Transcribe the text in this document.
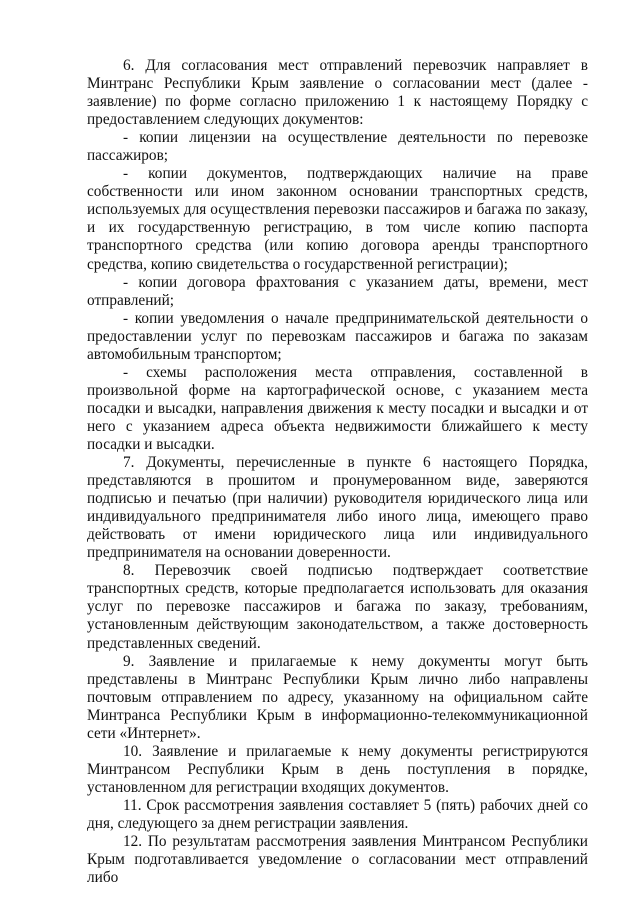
6. Для согласования мест отправлений перевозчик направляет в Минтранс Республики Крым заявление о согласовании мест (далее - заявление) по форме согласно приложению 1 к настоящему Порядку с предоставлением следующих документов:

- копии лицензии на осуществление деятельности по перевозке пассажиров;

- копии документов, подтверждающих наличие на праве собственности или ином законном основании транспортных средств, используемых для осуществления перевозки пассажиров и багажа по заказу, и их государственную регистрацию, в том числе копию паспорта транспортного средства (или копию договора аренды транспортного средства, копию свидетельства о государственной регистрации);

- копии договора фрахтования с указанием даты, времени, мест отправлений;

- копии уведомления о начале предпринимательской деятельности о предоставлении услуг по перевозкам пассажиров и багажа по заказам автомобильным транспортом;

- схемы расположения места отправления, составленной в произвольной форме на картографической основе, с указанием места посадки и высадки, направления движения к месту посадки и высадки и от него с указанием адреса объекта недвижимости ближайшего к месту посадки и высадки.

7. Документы, перечисленные в пункте 6 настоящего Порядка, представляются в прошитом и пронумерованном виде, заверяются подписью и печатью (при наличии) руководителя юридического лица или индивидуального предпринимателя либо иного лица, имеющего право действовать от имени юридического лица или индивидуального предпринимателя на основании доверенности.

8. Перевозчик своей подписью подтверждает соответствие транспортных средств, которые предполагается использовать для оказания услуг по перевозке пассажиров и багажа по заказу, требованиям, установленным действующим законодательством, а также достоверность представленных сведений.

9. Заявление и прилагаемые к нему документы могут быть представлены в Минтранс Республики Крым лично либо направлены почтовым отправлением по адресу, указанному на официальном сайте Минтранса Республики Крым в информационно-телекоммуникационной сети «Интернет».

10. Заявление и прилагаемые к нему документы регистрируются Минтрансом Республики Крым в день поступления в порядке, установленном для регистрации входящих документов.

11. Срок рассмотрения заявления составляет 5 (пять) рабочих дней со дня, следующего за днем регистрации заявления.

12. По результатам рассмотрения заявления Минтрансом Республики Крым подготавливается уведомление о согласовании мест отправлений либо
